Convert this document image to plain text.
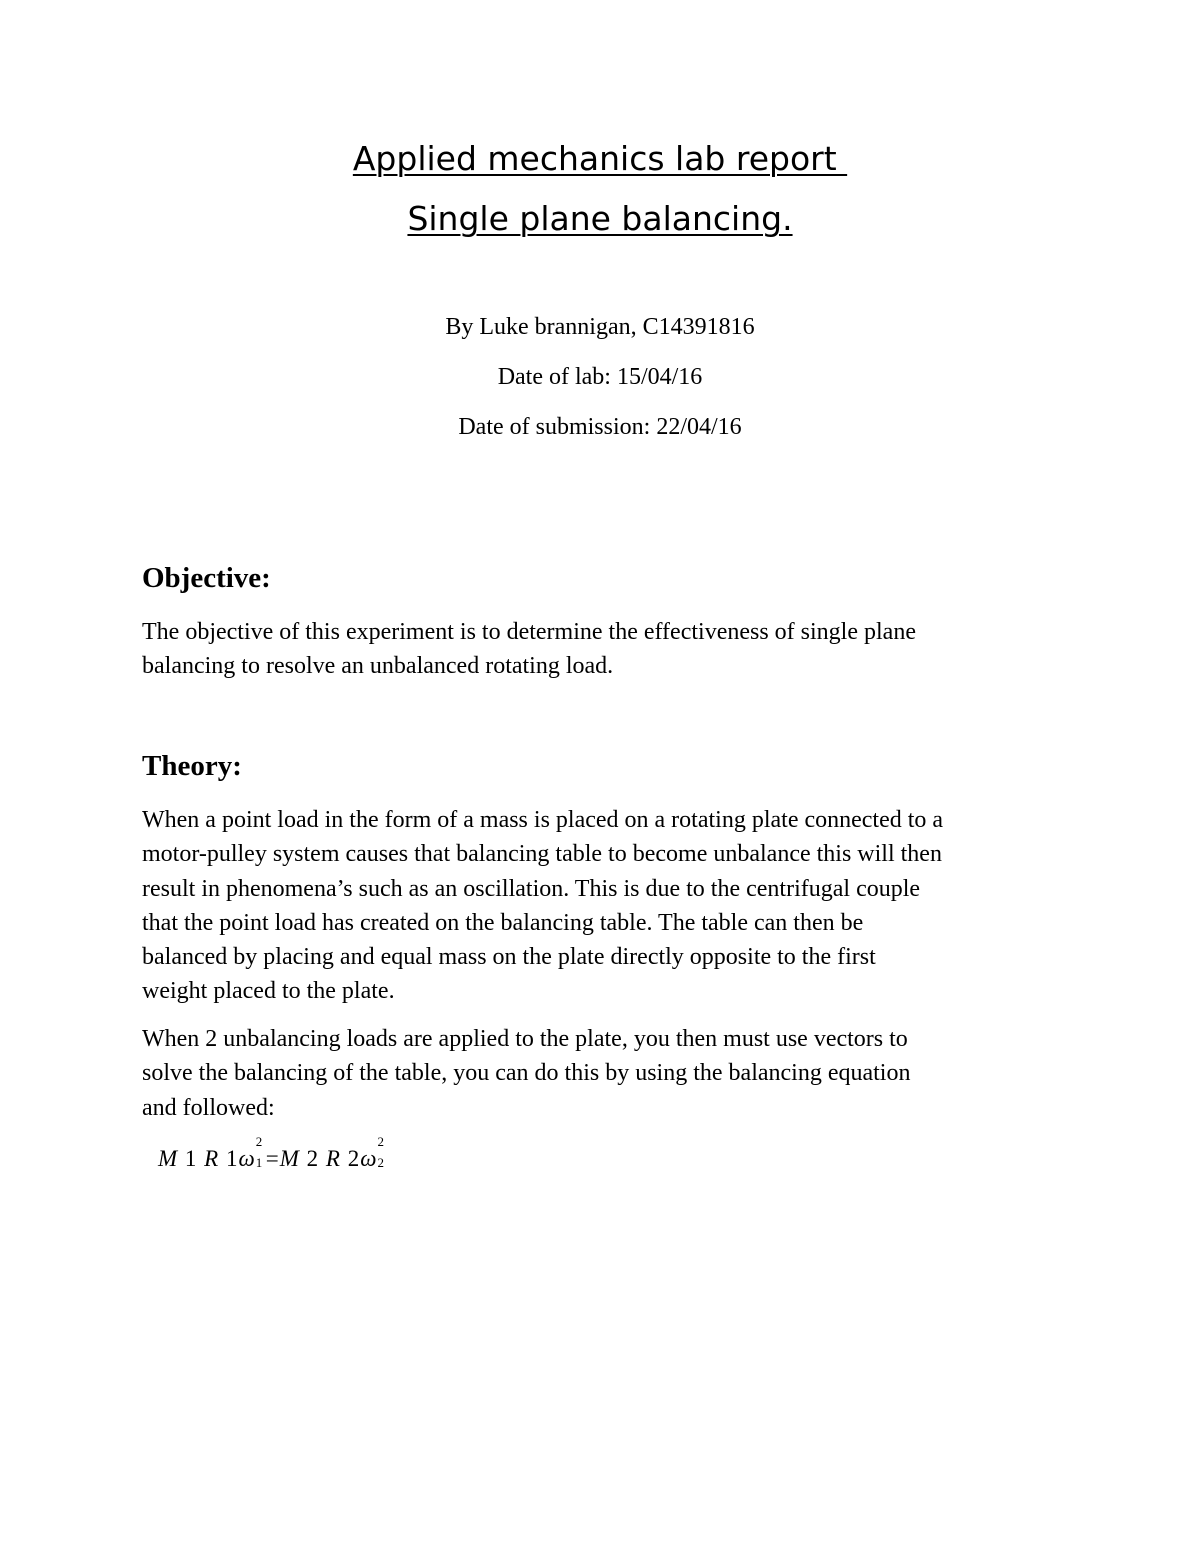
Applied mechanics lab report
Single plane balancing.
By Luke brannigan, C14391816
Date of lab: 15/04/16
Date of submission: 22/04/16
Objective:
The objective of this experiment is to determine the effectiveness of single plane
balancing to resolve an unbalanced rotating load.
Theory:
When a point load in the form of a mass is placed on a rotating plate connected to a
motor-pulley system causes that balancing table to become unbalance this will then
result in phenomena’s such as an oscillation. This is due to the centrifugal couple
that the point load has created on the balancing table. The table can then be
balanced by placing and equal mass on the plate directly opposite to the first
weight placed to the plate.
When 2 unbalancing loads are applied to the plate, you then must use vectors to
solve the balancing of the table, you can do this by using the balancing equation
and followed:
M 1 R 1ω
2
1 =M 2 R 2ω
2
2
